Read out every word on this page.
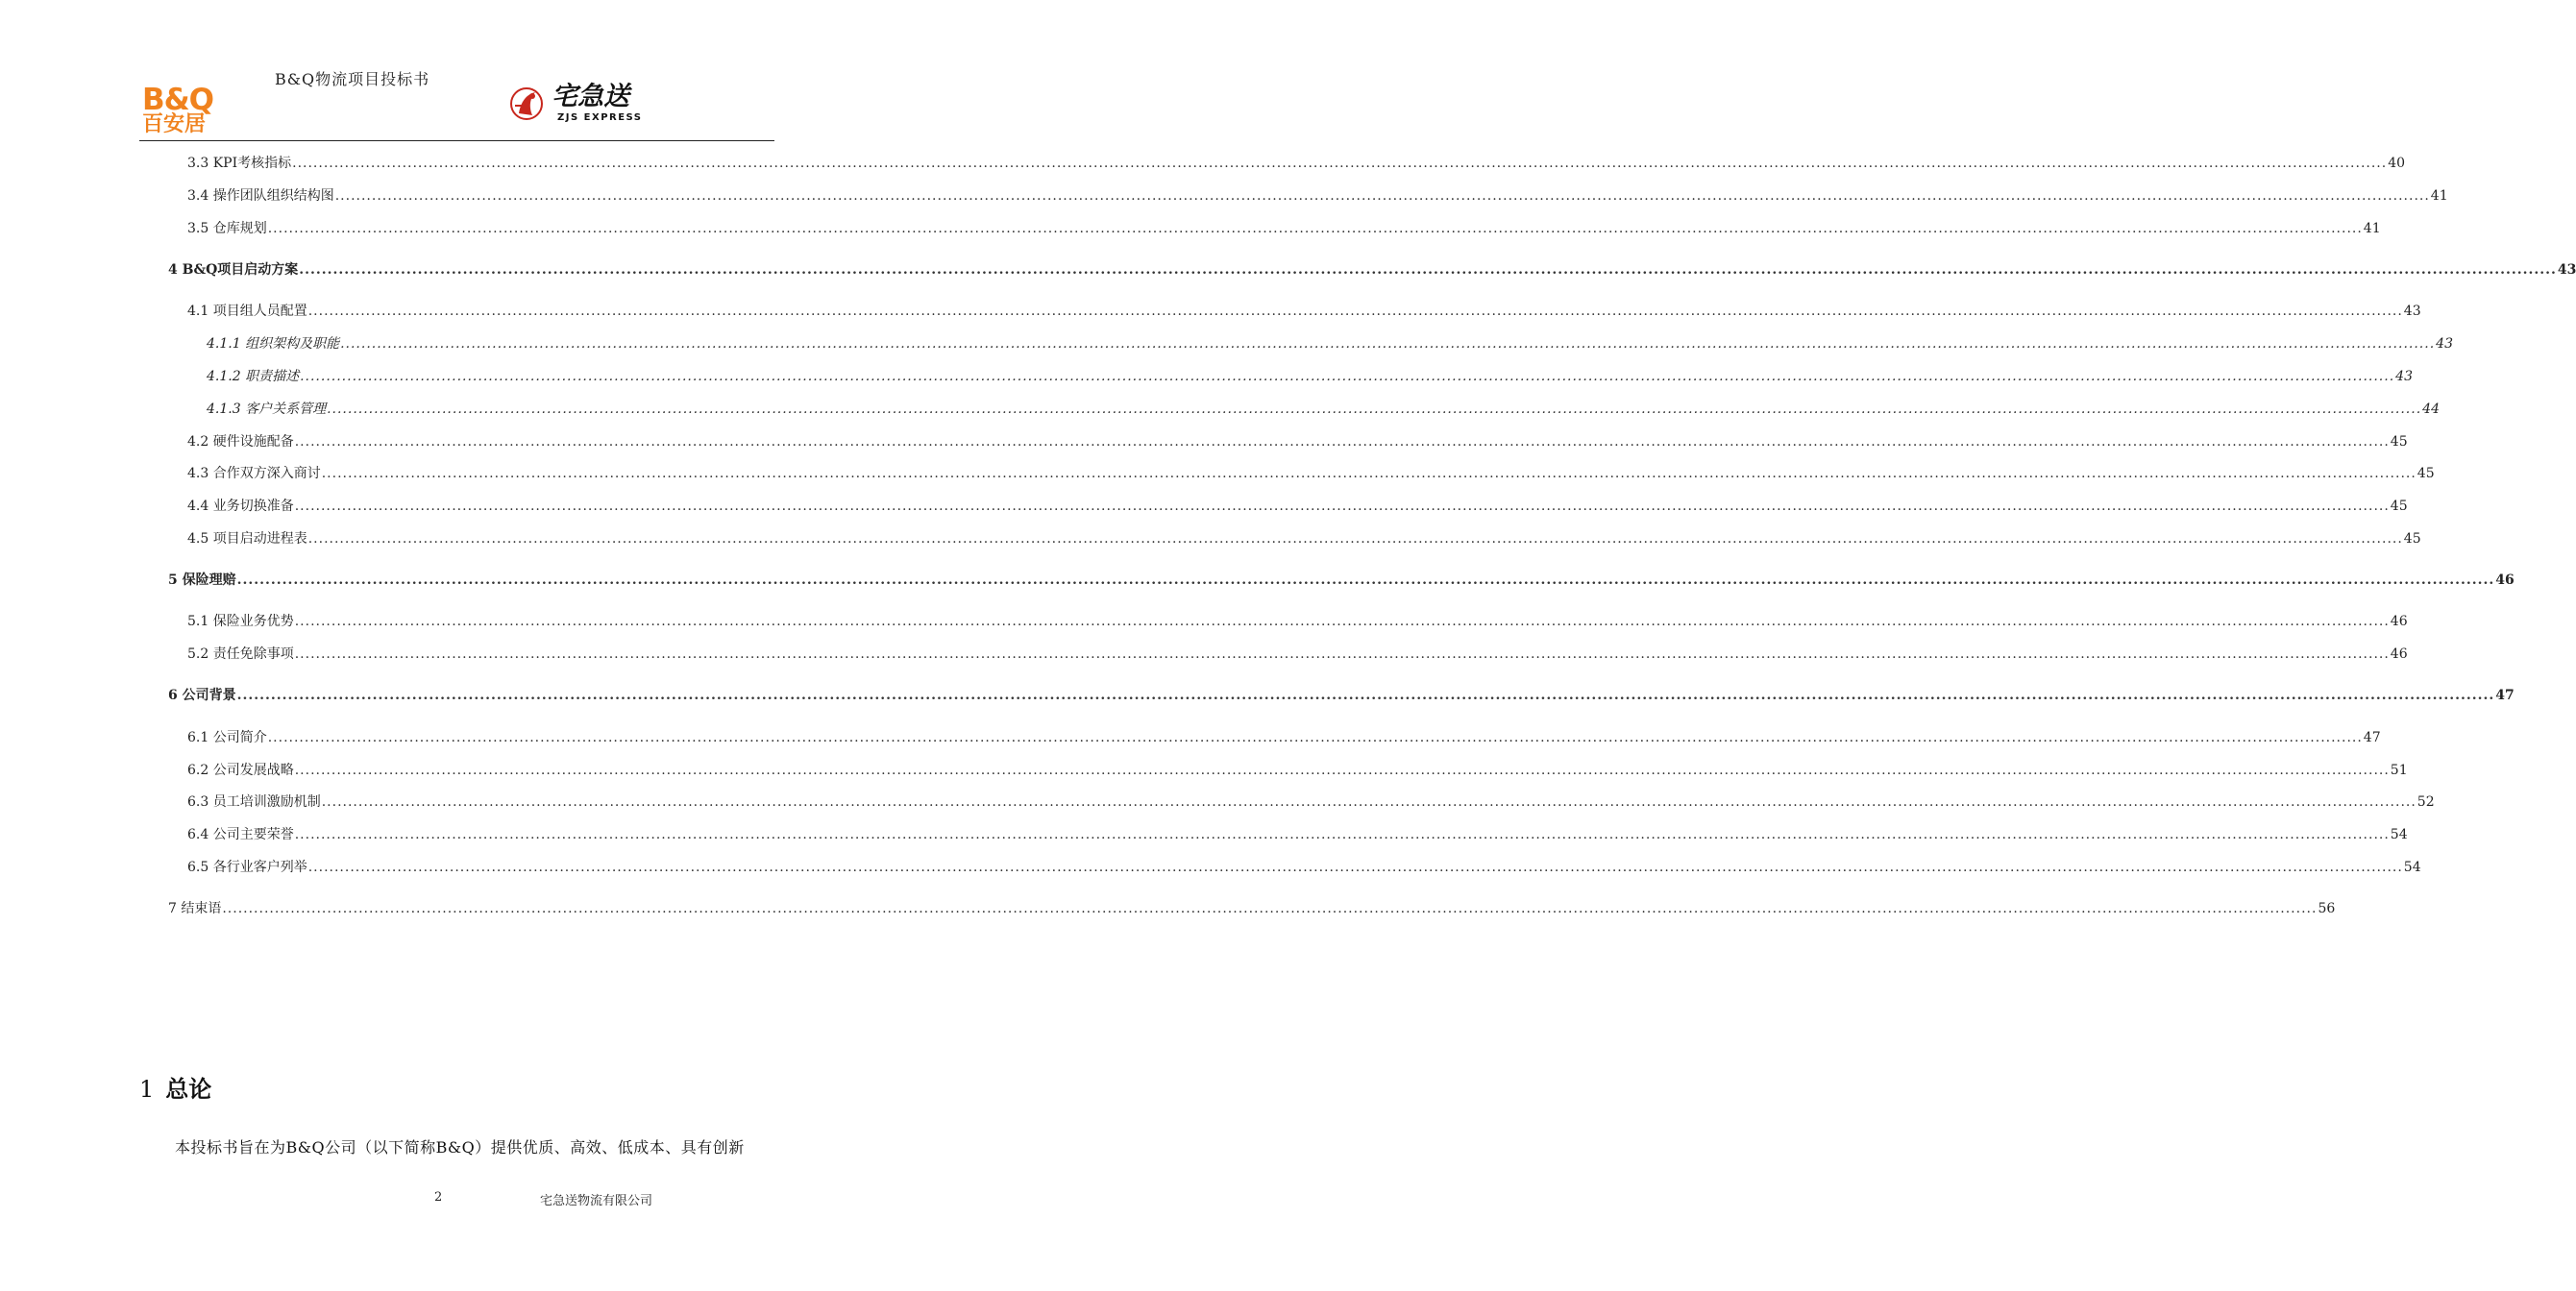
B&Q
百安居
B&Q物流项目投标书
宅急送
ZJS EXPRESS
3.3 KPI考核指标 ................................................................................................................................................................................................................................................................................................................................................................................................................ 40
3.4 操作团队组织结构图 ................................................................................................................................................................................................................................................................................................................................................................................................................ 41
3.5 仓库规划 ................................................................................................................................................................................................................................................................................................................................................................................................................ 41
4 B&Q项目启动方案 ................................................................................................................................................................................................................................................................................................................................................................................................................ 43
4.1 项目组人员配置 ................................................................................................................................................................................................................................................................................................................................................................................................................ 43
4.1.1 组织架构及职能 ................................................................................................................................................................................................................................................................................................................................................................................................................ 43
4.1.2 职责描述 ................................................................................................................................................................................................................................................................................................................................................................................................................ 43
4.1.3 客户关系管理 ................................................................................................................................................................................................................................................................................................................................................................................................................ 44
4.2 硬件设施配备 ................................................................................................................................................................................................................................................................................................................................................................................................................ 45
4.3 合作双方深入商讨 ................................................................................................................................................................................................................................................................................................................................................................................................................ 45
4.4 业务切换准备 ................................................................................................................................................................................................................................................................................................................................................................................................................ 45
4.5 项目启动进程表 ................................................................................................................................................................................................................................................................................................................................................................................................................ 45
5 保险理赔 ................................................................................................................................................................................................................................................................................................................................................................................................................ 46
5.1 保险业务优势 ................................................................................................................................................................................................................................................................................................................................................................................................................ 46
5.2 责任免除事项 ................................................................................................................................................................................................................................................................................................................................................................................................................ 46
6 公司背景 ................................................................................................................................................................................................................................................................................................................................................................................................................ 47
6.1 公司简介 ................................................................................................................................................................................................................................................................................................................................................................................................................ 47
6.2 公司发展战略 ................................................................................................................................................................................................................................................................................................................................................................................................................ 51
6.3 员工培训激励机制 ................................................................................................................................................................................................................................................................................................................................................................................................................ 52
6.4 公司主要荣誉 ................................................................................................................................................................................................................................................................................................................................................................................................................ 54
6.5 各行业客户列举 ................................................................................................................................................................................................................................................................................................................................................................................................................ 54
7 结束语 ................................................................................................................................................................................................................................................................................................................................................................................................................ 56
1 总论
本投标书旨在为B&Q公司（以下简称B&Q）提供优质、高效、低成本、具有创新
2	宅急送物流有限公司
